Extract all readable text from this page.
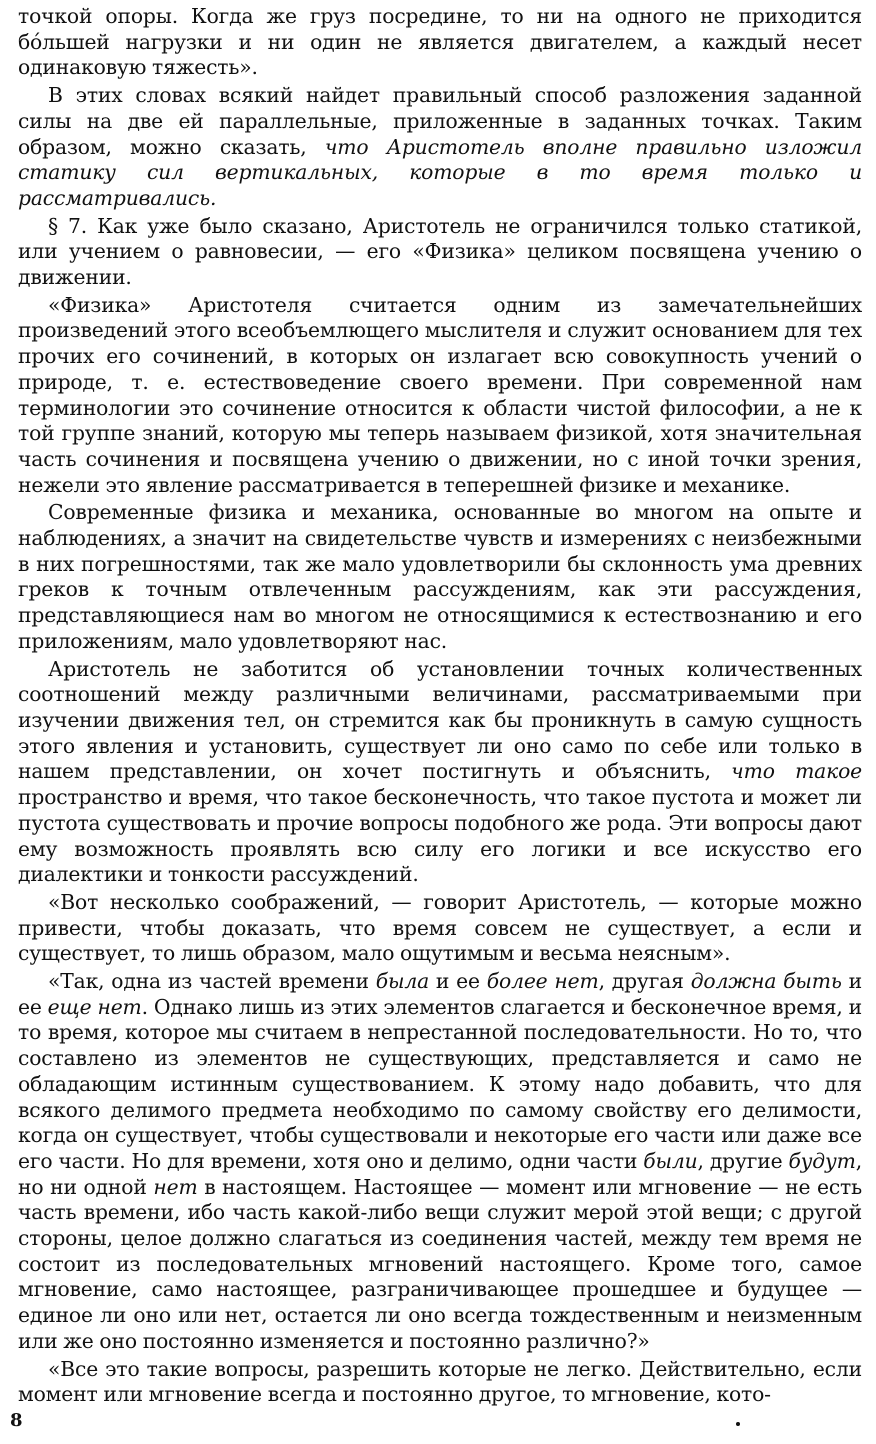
точкой опоры. Когда же груз посредине, то ни на одного не приходится бóльшей нагрузки и ни один не является двигателем, а каждый несет одинаковую тяжесть».

В этих словах всякий найдет правильный способ разложения заданной силы на две ей параллельные, приложенные в заданных точках. Таким образом, можно сказать, что Аристотель вполне правильно изложил статику сил вертикальных, которые в то время только и рассматривались.

§ 7. Как уже было сказано, Аристотель не ограничился только статикой, или учением о равновесии, — его «Физика» целиком посвящена учению о движении.

«Физика» Аристотеля считается одним из замечательнейших произведений этого всеобъемлющего мыслителя и служит основанием для тех прочих его сочинений, в которых он излагает всю совокупность учений о природе, т. е. естествоведение своего времени. При современной нам терминологии это сочинение относится к области чистой философии, а не к той группе знаний, которую мы теперь называем физикой, хотя значительная часть сочинения и посвящена учению о движении, но с иной точки зрения, нежели это явление рассматривается в теперешней физике и механике.

Современные физика и механика, основанные во многом на опыте и наблюдениях, а значит на свидетельстве чувств и измерениях с неизбежными в них погрешностями, так же мало удовлетворили бы склонность ума древних греков к точным отвлеченным рассуждениям, как эти рассуждения, представляющиеся нам во многом не относящимися к естествознанию и его приложениям, мало удовлетворяют нас.

Аристотель не заботится об установлении точных количественных соотношений между различными величинами, рассматриваемыми при изучении движения тел, он стремится как бы проникнуть в самую сущность этого явления и установить, существует ли оно само по себе или только в нашем представлении, он хочет постигнуть и объяснить, что такое пространство и время, что такое бесконечность, что такое пустота и может ли пустота существовать и прочие вопросы подобного же рода. Эти вопросы дают ему возможность проявлять всю силу его логики и все искусство его диалектики и тонкости рассуждений.

«Вот несколько соображений, — говорит Аристотель, — которые можно привести, чтобы доказать, что время совсем не существует, а если и существует, то лишь образом, мало ощутимым и весьма неясным».

«Так, одна из частей времени была и ее более нет, другая должна быть и ее еще нет. Однако лишь из этих элементов слагается и бесконечное время, и то время, которое мы считаем в непрестанной последовательности. Но то, что составлено из элементов не существующих, представляется и само не обладающим истинным существованием. К этому надо добавить, что для всякого делимого предмета необходимо по самому свойству его делимости, когда он существует, чтобы существовали и некоторые его части или даже все его части. Но для времени, хотя оно и делимо, одни части были, другие будут, но ни одной нет в настоящем. Настоящее — момент или мгновение — не есть часть времени, ибо часть какой-либо вещи служит мерой этой вещи; с другой стороны, целое должно слагаться из соединения частей, между тем время не состоит из последовательных мгновений настоящего. Кроме того, самое мгновение, само настоящее, разграничивающее прошедшее и будущее — единое ли оно или нет, остается ли оно всегда тождественным и неизменным или же оно постоянно изменяется и постоянно различно?»

«Все это такие вопросы, разрешить которые не легко. Действительно, если момент или мгновение всегда и постоянно другое, то мгновение, кото-

8
